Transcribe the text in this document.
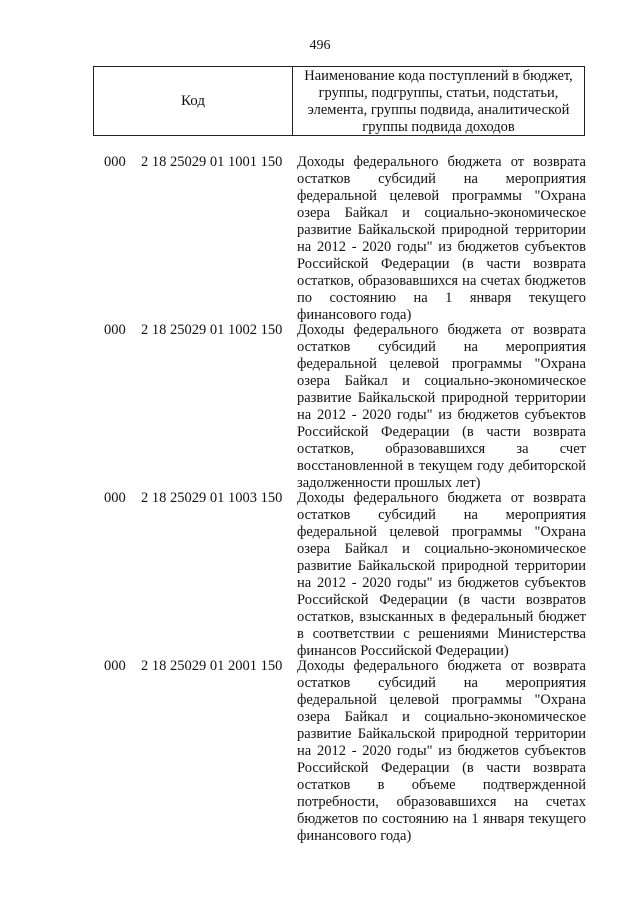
496
Код
Наименование кода поступлений в бюджет,
группы, подгруппы, статьи, подстатьи,
элемента, группы подвида, аналитической
группы подвида доходов
000 2 18 25029 01 1001 150 Доходы федерального бюджета от возврата
остатков субсидий на мероприятия
федеральной целевой программы "Охрана
озера Байкал и социально-экономическое
развитие Байкальской природной территории
на 2012 - 2020 годы" из бюджетов субъектов
Российской Федерации (в части возврата
остатков, образовавшихся на счетах бюджетов
по состоянию на 1 января текущего
финансового года)
000 2 18 25029 01 1002 150 Доходы федерального бюджета от возврата
остатков субсидий на мероприятия
федеральной целевой программы "Охрана
озера Байкал и социально-экономическое
развитие Байкальской природной территории
на 2012 - 2020 годы" из бюджетов субъектов
Российской Федерации (в части возврата
остатков, образовавшихся за счет
восстановленной в текущем году дебиторской
задолженности прошлых лет)
000 2 18 25029 01 1003 150 Доходы федерального бюджета от возврата
остатков субсидий на мероприятия
федеральной целевой программы "Охрана
озера Байкал и социально-экономическое
развитие Байкальской природной территории
на 2012 - 2020 годы" из бюджетов субъектов
Российской Федерации (в части возвратов
остатков, взысканных в федеральный бюджет
в соответствии с решениями Министерства
финансов Российской Федерации)
000 2 18 25029 01 2001 150 Доходы федерального бюджета от возврата
остатков субсидий на мероприятия
федеральной целевой программы "Охрана
озера Байкал и социально-экономическое
развитие Байкальской природной территории
на 2012 - 2020 годы" из бюджетов субъектов
Российской Федерации (в части возврата
остатков в объеме подтвержденной
потребности, образовавшихся на счетах
бюджетов по состоянию на 1 января текущего
финансового года)
